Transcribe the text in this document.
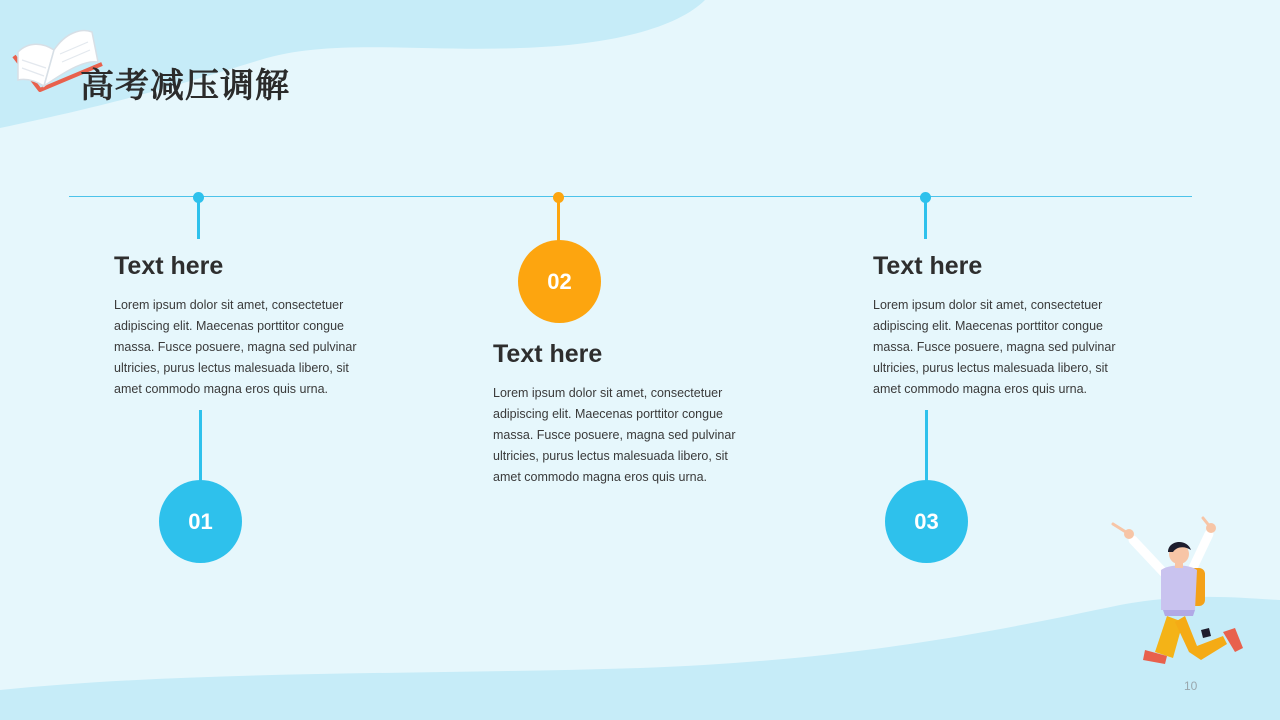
高考减压调解
Text here
Lorem ipsum dolor sit amet, consectetuer adipiscing elit. Maecenas porttitor congue massa. Fusce posuere, magna sed pulvinar ultricies, purus lectus malesuada libero, sit amet commodo magna eros quis urna.
01
02
Text here
Lorem ipsum dolor sit amet, consectetuer adipiscing elit. Maecenas porttitor congue massa. Fusce posuere, magna sed pulvinar ultricies, purus lectus malesuada libero, sit amet commodo magna eros quis urna.
Text here
Lorem ipsum dolor sit amet, consectetuer adipiscing elit. Maecenas porttitor congue massa. Fusce posuere, magna sed pulvinar ultricies, purus lectus malesuada libero, sit amet commodo magna eros quis urna.
03
10
